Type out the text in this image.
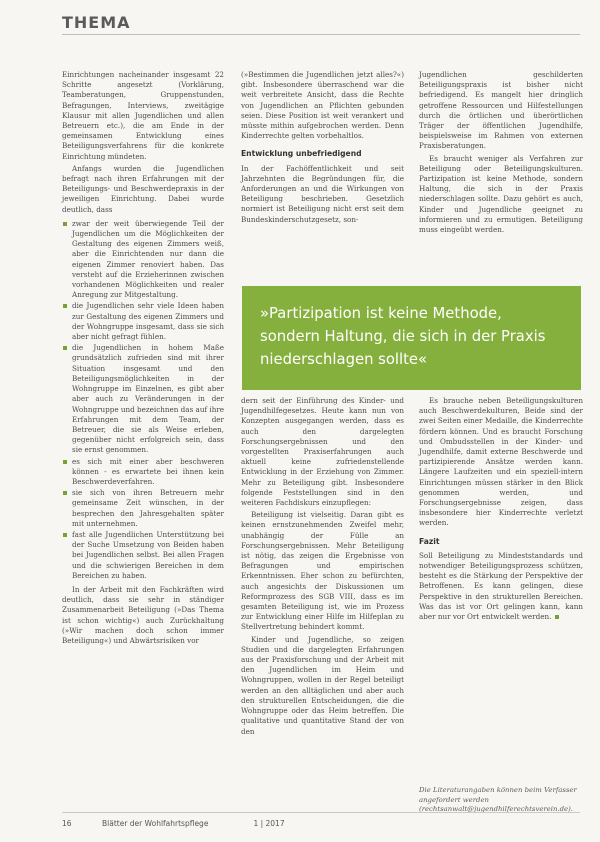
THEMA

Einrichtungen nacheinander insgesamt 22 Schritte angesetzt (Vorklärung, Teamberatungen, Gruppenstunden, Befragungen, Interviews, zweitägige Klausur mit allen Jugendlichen und allen Betreuern etc.), die am Ende in der gemeinsamen Entwicklung eines Beteiligungsverfahrens für die konkrete Einrichtung mündeten.

Anfangs wurden die Jugendlichen befragt nach ihren Erfahrungen mit der Beteiligungs- und Beschwerdepraxis in der jeweiligen Einrichtung. Dabei wurde deutlich, dass

zwar der weit überwiegende Teil der Jugendlichen um die Möglichkeiten der Gestaltung des eigenen Zimmers weiß, aber die Einrichtenden nur dann die eigenen Zimmer renoviert haben. Das versteht auf die Erzieherinnen zwischen vorhandenen Möglichkeiten und realer Anregung zur Mitgestaltung.
die Jugendlichen sehr viele Ideen haben zur Gestaltung des eigenen Zimmers und der Wohngruppe insgesamt, dass sie sich aber nicht gefragt fühlen.
die Jugendlichen in hohem Maße grundsätzlich zufrieden sind mit ihrer Situation insgesamt und den Beteiligungsmöglichkeiten in der Wohngruppe im Einzelnen, es gibt aber aber auch zu Veränderungen in der Wohngruppe und bezeichnen das auf ihre Erfahrungen mit dem Team, der Betreuer, die sie als Weise erleben, gegenüber nicht erfolgreich sein, dass sie ernst genommen.
es sich mit einer aber beschweren können - es erwartete bei ihnen kein Beschwerdeverfahren.
sie sich von ihren Betreuern mehr gemeinsame Zeit wünschen, in der besprechen den Jahresgehalten später mit unternehmen.
fast alle Jugendlichen Unterstützung bei der Suche Umsetzung von Beiden haben bei Jugendlichen selbst. Bei allen Fragen und die schwierigen Bereichen in dem Bereichen zu haben.

In der Arbeit mit den Fachkräften wird deutlich, dass sie sehr in ständiger Zusammenarbeit Beteiligung (»Das Thema ist schon wichtig«) auch Zurückhaltung (»Wir machen doch schon immer Beteiligung«) und Abwärtsrisiken vor

(»Bestimmen die Jugendlichen jetzt alles?«) gibt. Insbesondere überraschend war die weit verbreitete Ansicht, dass die Rechte von Jugendlichen an Pflichten gebunden seien. Diese Position ist weit verankert und müsste mithin aufgebrochen werden. Denn Kinderrechte gelten vorbehaltlos.

Entwicklung unbefriedigend

In der Fachöffentlichkeit und seit Jahrzehnten die Begründungen für, die Anforderungen an und die Wirkungen von Beteiligung beschrieben. Gesetzlich normiert ist Beteiligung nicht erst seit dem Bundeskinderschutzgesetz, son-

Jugendlichen geschilderten Beteiligungspraxis ist bisher nicht befriedigend. Es mangelt hier dringlich getroffene Ressourcen und Hilfestellungen durch die örtlichen und überörtlichen Träger der öffentlichen Jugendhilfe, beispielsweise im Rahmen von externen Praxisberatungen.

Es braucht weniger als Verfahren zur Beteiligung oder Beteiligungskulturen. Partizipation ist keine Methode, sondern Haltung, die sich in der Praxis niederschlagen sollte. Dazu gehört es auch, Kinder und Jugendliche geeignet zu informieren und zu ermutigen. Beteiligung muss eingeübt werden.

»Partizipation ist keine Methode, sondern Haltung, die sich in der Praxis niederschlagen sollte«

dern seit der Einführung des Kinder- und Jugendhilfegesetzes. Heute kann nun von Konzepten ausgegangen werden, dass es auch den dargelegten Forschungsergebnissen und den vorgestellten Praxiserfahrungen auch aktuell keine zufriedenstellende Entwicklung in der Erziehung von Zimmer. Mehr zu Beteiligung gibt. Insbesondere folgende Feststellungen sind in den weiteren Fachdiskurs einzupflegen:

Beteiligung ist vielseitig. Daran gibt es keinen ernstzunehmenden Zweifel mehr, unabhängig der Fülle an Forschungsergebnissen. Mehr Beteiligung ist nötig, das zeigen die Ergebnisse von Befragungen und empirischen Erkenntnissen. Eher schon zu befürchten, auch angesichts der Diskussionen um Reformprozess des SGB VIII, dass es im gesamten Beteiligung ist, wie im Prozess zur Entwicklung einer Hilfe im Hilfeplan zu Stellvertretung behindert kommt.

Kinder und Jugendliche, so zeigen Studien und die dargelegten Erfahrungen aus der Praxisforschung und der Arbeit mit den Jugendlichen im Heim und Wohngruppen, wollen in der Regel beteiligt werden an den alltäglichen und aber auch den strukturellen Entscheidungen, die die Wohngruppe oder das Heim betreffen. Die qualitative und quantitative Stand der von den

Es brauche neben Beteiligungskulturen auch Beschwerdekulturen, Beide sind der zwei Seiten einer Medaille, die Kinderrechte fördern können. Und es braucht Forschung und Ombudsstellen in der Kinder- und Jugendhilfe, damit externe Beschwerde und partizipierende Ansätze werden kann. Längere Laufzeiten und ein speziell-intern Einrichtungen müssen stärker in den Blick genommen werden, und Forschungsergebnisse zeigen, dass insbesondere hier Kinderrechte verletzt werden.

Fazit

Soll Beteiligung zu Mindeststandards und notwendiger Beteiligungsprozess schützen, besteht es die Stärkung der Perspektive der Betroffenen. Es kann gelingen, diese Perspektive in den strukturellen Bereichen. Was das ist vor Ort gelingen kann, kann aber nur vor Ort entwickelt werden.

Die Literaturangaben können beim Verfasser angefordert werden (rechtsanwalt@jugendhilferechtsverein.de).
16	Blätter der Wohlfahrtspflege	1 | 2017
